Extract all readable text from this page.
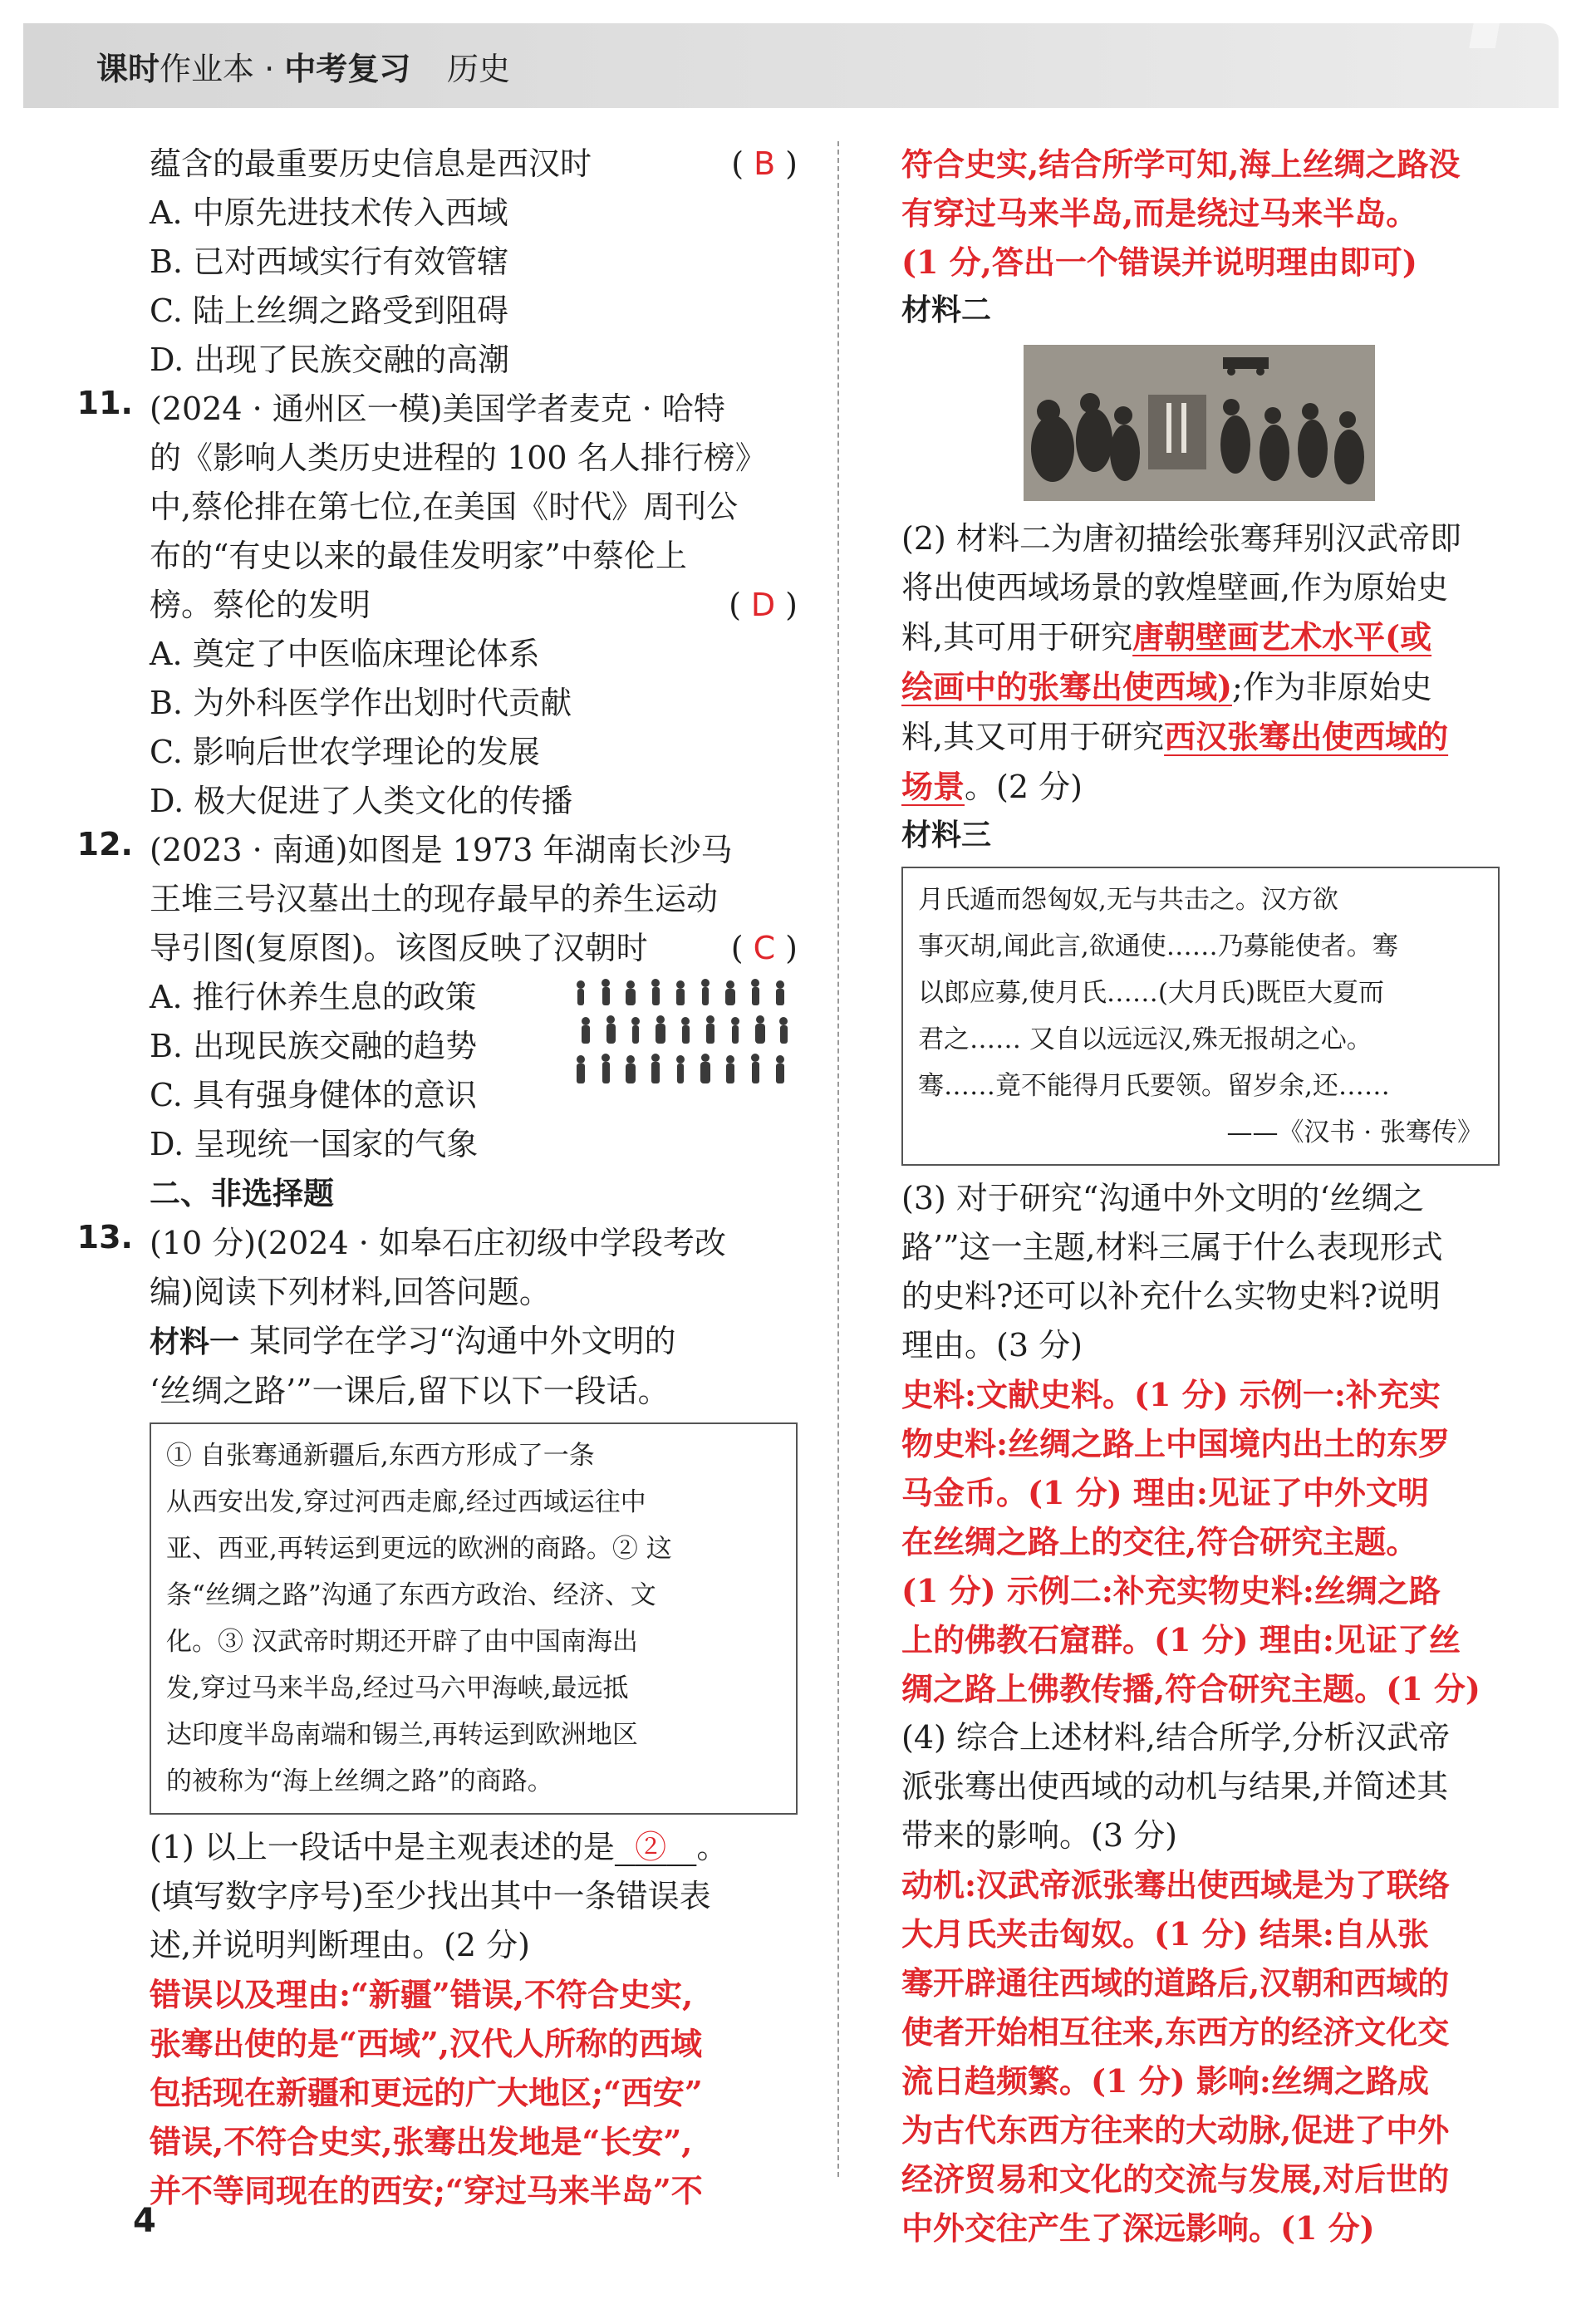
课时作业本 · 中考复习 历史
蕴含的最重要历史信息是西汉时	( B )
A. 中原先进技术传入西域
B. 已对西域实行有效管辖
C. 陆上丝绸之路受到阻碍
D. 出现了民族交融的高潮
11. (2024 · 通州区一模)美国学者麦克 · 哈特
的《影响人类历史进程的 100 名人排行榜》
中,蔡伦排在第七位,在美国《时代》周刊公
布的“有史以来的最佳发明家”中蔡伦上
榜。蔡伦的发明	( D )
A. 奠定了中医临床理论体系
B. 为外科医学作出划时代贡献
C. 影响后世农学理论的发展
D. 极大促进了人类文化的传播
12. (2023 · 南通)如图是 1973 年湖南长沙马
王堆三号汉墓出土的现存最早的养生运动
导引图(复原图)。该图反映了汉朝时	( C )
A. 推行休养生息的政策
B. 出现民族交融的趋势
C. 具有强身健体的意识
D. 呈现统一国家的气象
二、非选择题
13. (10 分)(2024 · 如皋石庄初级中学段考改
编)阅读下列材料,回答问题。
材料一 某同学在学习“沟通中外文明的
‘丝绸之路’”一课后,留下以下一段话。
① 自张骞通新疆后,东西方形成了一条
从西安出发,穿过河西走廊,经过西域运往中
亚、西亚,再转运到更远的欧洲的商路。② 这
条“丝绸之路”沟通了东西方政治、经济、文
化。③ 汉武帝时期还开辟了由中国南海出
发,穿过马来半岛,经过马六甲海峡,最远抵
达印度半岛南端和锡兰,再转运到欧洲地区
的被称为“海上丝绸之路”的商路。
(1) 以上一段话中是主观表述的是 ② 。
(填写数字序号)至少找出其中一条错误表
述,并说明判断理由。(2 分)
错误以及理由:“新疆”错误,不符合史实,
张骞出使的是“西域”,汉代人所称的西域
包括现在新疆和更远的广大地区;“西安”
错误,不符合史实,张骞出发地是“长安”,
并不等同现在的西安;“穿过马来半岛”不
符合史实,结合所学可知,海上丝绸之路没
有穿过马来半岛,而是绕过马来半岛。
(1 分,答出一个错误并说明理由即可)
材料二
(2) 材料二为唐初描绘张骞拜别汉武帝即
将出使西域场景的敦煌壁画,作为原始史
料,其可用于研究唐朝壁画艺术水平(或
绘画中的张骞出使西域);作为非原始史
料,其又可用于研究西汉张骞出使西域的
场景。(2 分)
材料三
月氏遁而怨匈奴,无与共击之。汉方欲
事灭胡,闻此言,欲通使……乃募能使者。骞
以郎应募,使月氏……(大月氏)既臣大夏而
君之…… 又自以远远汉,殊无报胡之心。
骞……竟不能得月氏要领。留岁余,还……
——《汉书 · 张骞传》
(3) 对于研究“沟通中外文明的‘丝绸之
路’”这一主题,材料三属于什么表现形式
的史料?还可以补充什么实物史料?说明
理由。(3 分)
史料:文献史料。(1 分) 示例一:补充实
物史料:丝绸之路上中国境内出土的东罗
马金币。(1 分) 理由:见证了中外文明
在丝绸之路上的交往,符合研究主题。
(1 分) 示例二:补充实物史料:丝绸之路
上的佛教石窟群。(1 分) 理由:见证了丝
绸之路上佛教传播,符合研究主题。(1 分)
(4) 综合上述材料,结合所学,分析汉武帝
派张骞出使西域的动机与结果,并简述其
带来的影响。(3 分)
动机:汉武帝派张骞出使西域是为了联络
大月氏夹击匈奴。(1 分) 结果:自从张
骞开辟通往西域的道路后,汉朝和西域的
使者开始相互往来,东西方的经济文化交
流日趋频繁。(1 分) 影响:丝绸之路成
为古代东西方往来的大动脉,促进了中外
经济贸易和文化的交流与发展,对后世的
中外交往产生了深远影响。(1 分)
4
